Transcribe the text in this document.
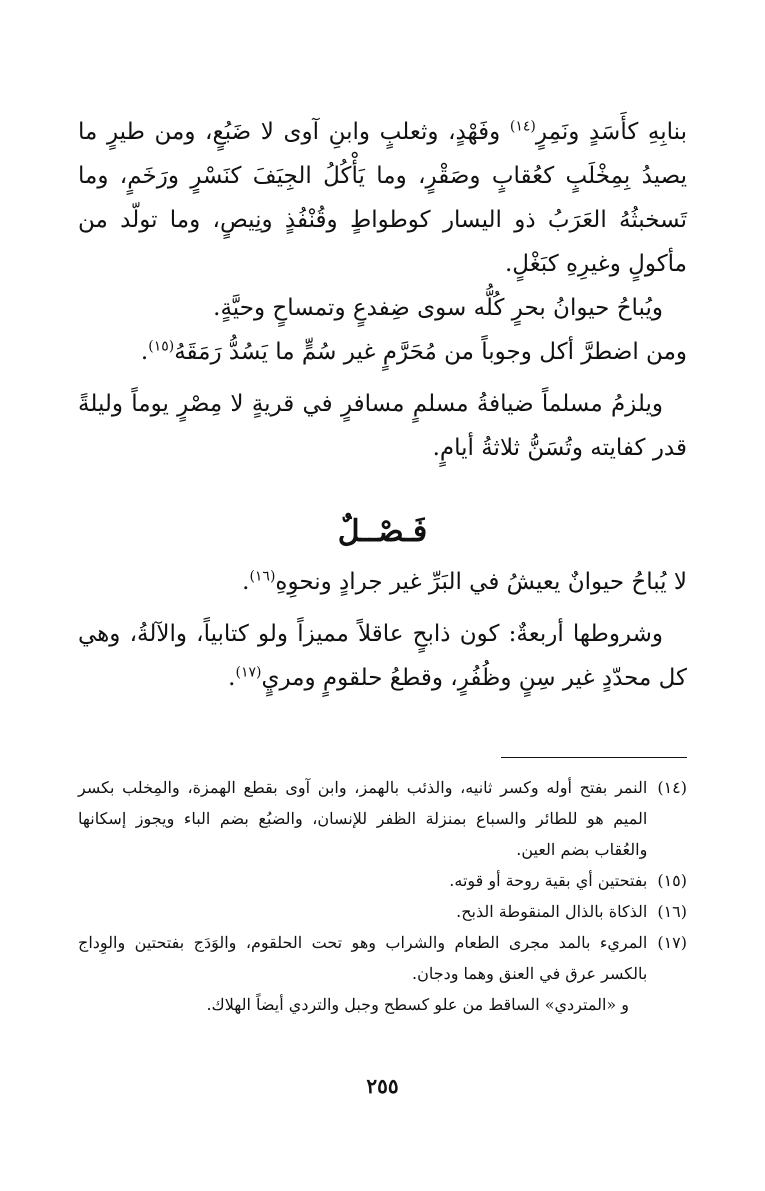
بنابِهِ كأَسَدٍ ونَمِرٍ$^{(١٤)}$ وفَهْدٍ، وثعلبٍ وابنِ آوى لا ضَبُعٍ، ومن طيرٍ ما يصيدُ بِمِخْلَبٍ كعُقابٍ وصَقْرٍ، وما يَأْكُلُ الجِيَفَ كنَسْرٍ ورَخَمٍ، وما تَسخبثُهُ العَرَبُ ذو اليسار كوطواطٍ وقُنْفُذٍ ونِيصٍ، وما تولّد من مأكولٍ وغيرِهِ كبَغْلٍ.

ويُباحُ حيوانُ بحرٍ كُلُّه سوى ضِفدعٍ وتمساحٍ وحيَّةٍ.

ومن اضطرَّ أكل وجوباً من مُحَرَّمٍ غير سُمٍّ ما يَسُدُّ رَمَقَهُ$^{(١٥)}$.

ويلزمُ مسلماً ضيافةُ مسلمٍ مسافرٍ في قريةٍ لا مِصْرٍ يوماً وليلةً قدر كفايته وتُسَنُّ ثلاثةُ أيامٍ.

فَـصْــلٌ

لا يُباحُ حيوانٌ يعيشُ في البَرِّ غير جرادٍ ونحوِهِ$^{(١٦)}$.

وشروطها أربعةٌ: كون ذابحٍ عاقلاً مميزاً ولو كتابياً، والآلةُ، وهي كل محدّدٍ غير سِنٍ وظُفُرٍ، وقطعُ حلقومٍ ومريٍ$^{(١٧)}$.

(١٤)
النمر بفتح أوله وكسر ثانيه، والذئب بالهمز، وابن آوى بقطع الهمزة، والمِخلب بكسر الميم هو للطائر والسباع بمنزلة الظفر للإنسان، والضبُع بضم الباء ويجوز إسكانها والعُقاب بضم العين.
(١٥)
بفتحتين أي بقية روحة أو قوته.
(١٦)
الذكاة بالذال المنقوطة الذبح.
(١٧)
المريء بالمد مجرى الطعام والشراب وهو تحت الحلقوم، والوَدَج بفتحتين والوِداج بالكسر عرق في العنق وهما ودجان.

و «المتردي» الساقط من علو كسطح وجبل والتردي أيضاً الهلاك.

٢٥٥
